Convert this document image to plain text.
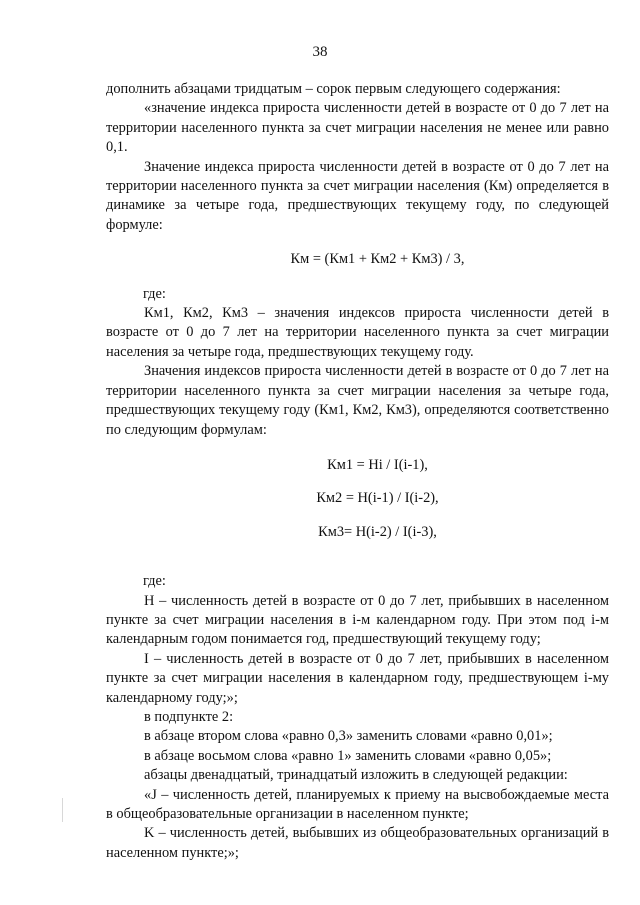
38

дополнить абзацами тридцатым – сорок первым следующего содержания:

«значение индекса прироста численности детей в возрасте от 0 до 7 лет на территории населенного пункта за счет миграции населения не менее или равно 0,1.

Значение индекса прироста численности детей в возрасте от 0 до 7 лет на территории населенного пункта за счет миграции населения (Км) определяется в динамике за четыре года, предшествующих текущему году, по следующей формуле:

Км = (Км1 + Км2 + Км3) / 3,

где:

Км1, Км2, Км3 – значения индексов прироста численности детей в возрасте от 0 до 7 лет на территории населенного пункта за счет миграции населения за четыре года, предшествующих текущему году.

Значения индексов прироста численности детей в возрасте от 0 до 7 лет на территории населенного пункта за счет миграции населения за четыре года, предшествующих текущему году (Км1, Км2, Км3), определяются соответственно по следующим формулам:

Км1 = Hi / I(i-1),
Км2 = H(i-1) / I(i-2),
Км3= H(i-2) / I(i-3),

где:

H – численность детей в возрасте от 0 до 7 лет, прибывших в населенном пункте за счет миграции населения в i-м календарном году. При этом под i-м календарным годом понимается год, предшествующий текущему году;

I – численность детей в возрасте от 0 до 7 лет, прибывших в населенном пункте за счет миграции населения в календарном году, предшествующем i-му календарному году;»;

в подпункте 2:

в абзаце втором слова «равно 0,3» заменить словами «равно 0,01»;

в абзаце восьмом слова «равно 1» заменить словами «равно 0,05»;

абзацы двенадцатый, тринадцатый изложить в следующей редакции:

«J – численность детей, планируемых к приему на высвобождаемые места в общеобразовательные организации в населенном пункте;

K – численность детей, выбывших из общеобразовательных организаций в населенном пункте;»;
